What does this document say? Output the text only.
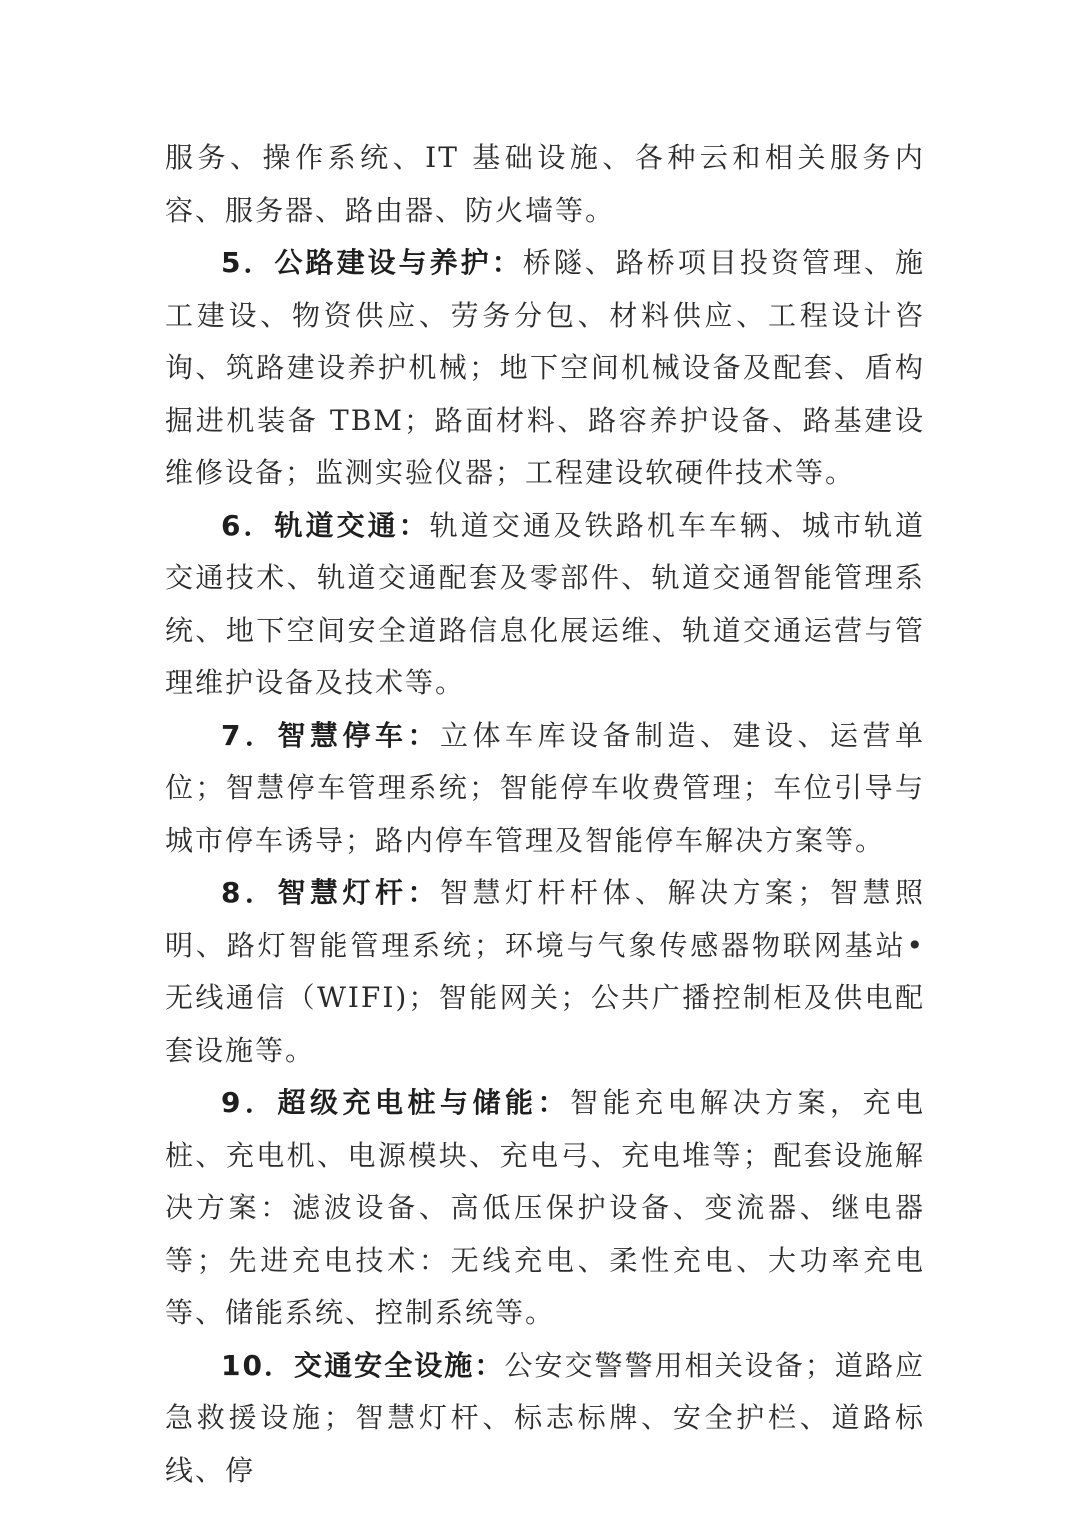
服务、操作系统、IT 基础设施、各种云和相关服务内容、服务器、路由器、防火墙等。

5．公路建设与养护：桥隧、路桥项目投资管理、施工建设、物资供应、劳务分包、材料供应、工程设计咨询、筑路建设养护机械；地下空间机械设备及配套、盾构掘进机装备 TBM；路面材料、路容养护设备、路基建设维修设备；监测实验仪器；工程建设软硬件技术等。

6．轨道交通：轨道交通及铁路机车车辆、城市轨道交通技术、轨道交通配套及零部件、轨道交通智能管理系统、地下空间安全道路信息化展运维、轨道交通运营与管理维护设备及技术等。

7．智慧停车：立体车库设备制造、建设、运营单位；智慧停车管理系统；智能停车收费管理；车位引导与城市停车诱导；路内停车管理及智能停车解决方案等。

8．智慧灯杆：智慧灯杆杆体、解决方案；智慧照明、路灯智能管理系统；环境与气象传感器物联网基站•无线通信（WIFI)；智能网关；公共广播控制柜及供电配套设施等。

9．超级充电桩与储能：智能充电解决方案，充电桩、充电机、电源模块、充电弓、充电堆等；配套设施解决方案：滤波设备、高低压保护设备、变流器、继电器等；先进充电技术：无线充电、柔性充电、大功率充电等、储能系统、控制系统等。

10．交通安全设施：公安交警警用相关设备；道路应急救援设施；智慧灯杆、标志标牌、安全护栏、道路标线、停
